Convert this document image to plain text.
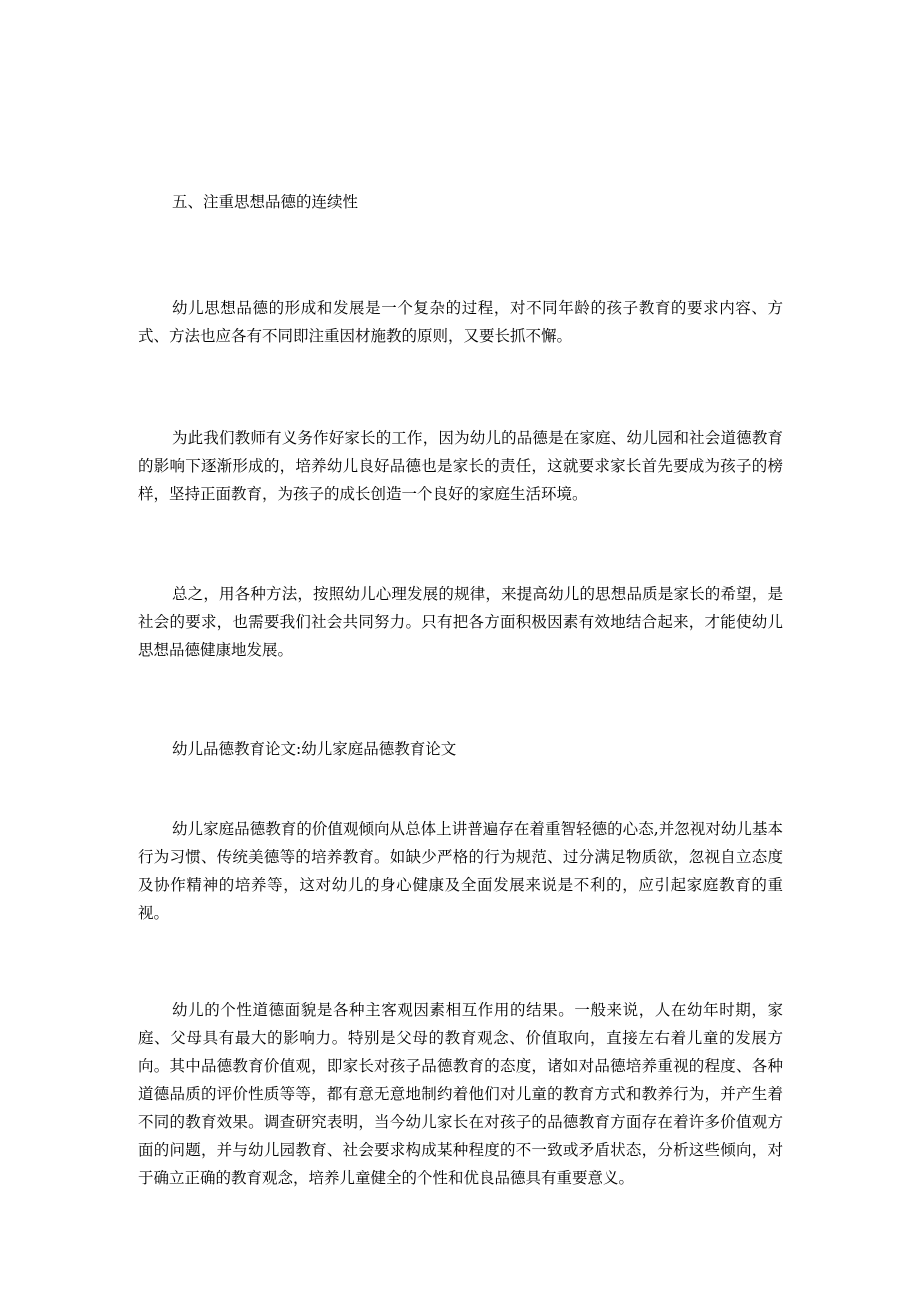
五、注重思想品德的连续性

幼儿思想品德的形成和发展是一个复杂的过程，对不同年龄的孩子教育的要求内容、方式、方法也应各有不同即注重因材施教的原则，又要长抓不懈。

为此我们教师有义务作好家长的工作，因为幼儿的品德是在家庭、幼儿园和社会道德教育的影响下逐渐形成的，培养幼儿良好品德也是家长的责任，这就要求家长首先要成为孩子的榜样，坚持正面教育，为孩子的成长创造一个良好的家庭生活环境。

总之，用各种方法，按照幼儿心理发展的规律，来提高幼儿的思想品质是家长的希望，是社会的要求，也需要我们社会共同努力。只有把各方面积极因素有效地结合起来，才能使幼儿思想品德健康地发展。

幼儿品德教育论文:幼儿家庭品德教育论文

幼儿家庭品德教育的价值观倾向从总体上讲普遍存在着重智轻德的心态,并忽视对幼儿基本行为习惯、传统美德等的培养教育。如缺少严格的行为规范、过分满足物质欲，忽视自立态度及协作精神的培养等，这对幼儿的身心健康及全面发展来说是不利的，应引起家庭教育的重视。

幼儿的个性道德面貌是各种主客观因素相互作用的结果。一般来说，人在幼年时期，家庭、父母具有最大的影响力。特别是父母的教育观念、价值取向，直接左右着儿童的发展方向。其中品德教育价值观，即家长对孩子品德教育的态度，诸如对品德培养重视的程度、各种道德品质的评价性质等等，都有意无意地制约着他们对儿童的教育方式和教养行为，并产生着不同的教育效果。调查研究表明，当今幼儿家长在对孩子的品德教育方面存在着许多价值观方面的问题，并与幼儿园教育、社会要求构成某种程度的不一致或矛盾状态，分析这些倾向，对于确立正确的教育观念，培养儿童健全的个性和优良品德具有重要意义。
